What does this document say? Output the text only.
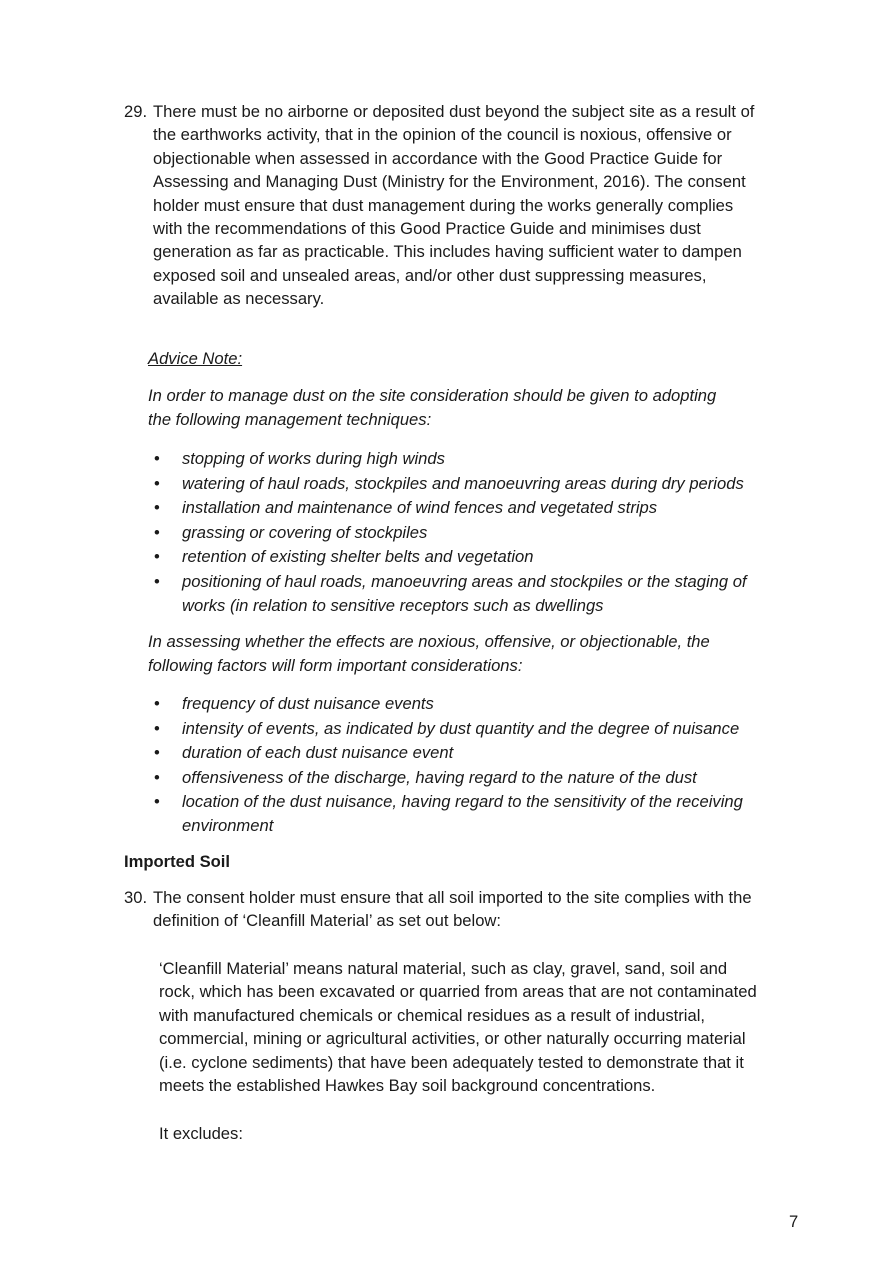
29. There must be no airborne or deposited dust beyond the subject site as a result of
the earthworks activity, that in the opinion of the council is noxious, offensive or
objectionable when assessed in accordance with the Good Practice Guide for
Assessing and Managing Dust (Ministry for the Environment, 2016). The consent
holder must ensure that dust management during the works generally complies
with the recommendations of this Good Practice Guide and minimises dust
generation as far as practicable. This includes having sufficient water to dampen
exposed soil and unsealed areas, and/or other dust suppressing measures,
available as necessary.
Advice Note:
In order to manage dust on the site consideration should be given to adopting
the following management techniques:
• stopping of works during high winds
• watering of haul roads, stockpiles and manoeuvring areas during dry periods
• installation and maintenance of wind fences and vegetated strips
• grassing or covering of stockpiles
• retention of existing shelter belts and vegetation
• positioning of haul roads, manoeuvring areas and stockpiles or the staging of
works (in relation to sensitive receptors such as dwellings
In assessing whether the effects are noxious, offensive, or objectionable, the
following factors will form important considerations:
• frequency of dust nuisance events
• intensity of events, as indicated by dust quantity and the degree of nuisance
• duration of each dust nuisance event
• offensiveness of the discharge, having regard to the nature of the dust
• location of the dust nuisance, having regard to the sensitivity of the receiving
environment
Imported Soil
30. The consent holder must ensure that all soil imported to the site complies with the
definition of ‘Cleanfill Material’ as set out below:
‘Cleanfill Material’ means natural material, such as clay, gravel, sand, soil and
rock, which has been excavated or quarried from areas that are not contaminated
with manufactured chemicals or chemical residues as a result of industrial,
commercial, mining or agricultural activities, or other naturally occurring material
(i.e. cyclone sediments) that have been adequately tested to demonstrate that it
meets the established Hawkes Bay soil background concentrations.
It excludes:
7
